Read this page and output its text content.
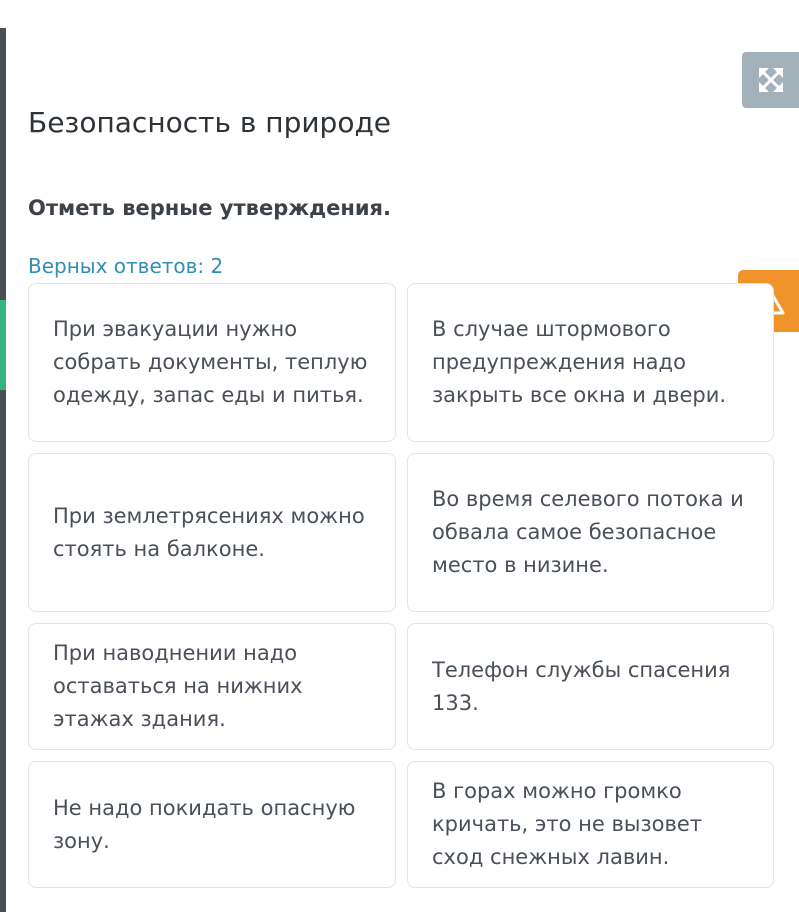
Безопасность в природе
Отметь верные утверждения.
Верных ответов: 2
При эвакуации нужно собрать документы, теплую одежду, запас еды и питья.
В случае штормового предупреждения надо закрыть все окна и двери.
При землетрясениях можно стоять на балконе.
Во время селевого потока и обвала самое безопасное место в низине.
При наводнении надо оставаться на нижних этажах здания.
Телефон службы спасения 133.
Не надо покидать опасную зону.
В горах можно громко кричать, это не вызовет сход снежных лавин.
